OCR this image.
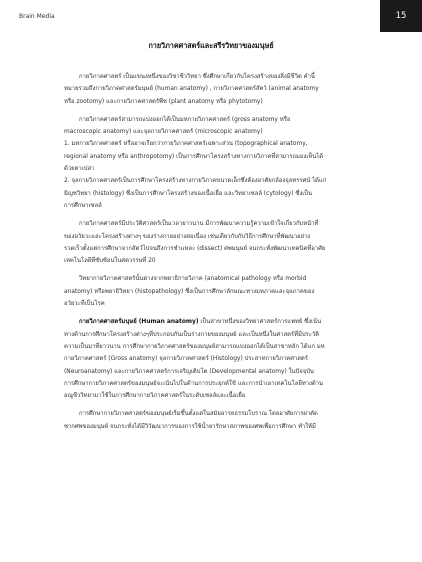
Brain Media	15
กายวิภาคศาสตร์และสรีรวิทยาของมนุษย์

กายวิภาคศาสตร์ เป็นแขนงหนึ่งของวิชาชีววิทยา ซึ่งศึกษาเกี่ยวกับโครงสร้างของสิ่งมีชีวิต คำนี้
หมายรวมถึงกายวิภาคศาสตร์มนุษย์ (human anatomy) , กายวิภาคศาสตร์สัตว์ (animal anatomy
หรือ zootomy) และกายวิภาคศาสตร์พืช (plant anatomy หรือ phytotomy)

กายวิภาคศาสตร์สามารถแบ่งออกได้เป็นมหกายวิภาคศาสตร์ (gross anatomy หรือ
macroscopic anatomy) และจุลกายวิภาคศาสตร์ (microscopic anatomy)
1. มหกายวิภาคศาสตร์ หรืออาจเรียกว่ากายวิภาคศาสตร์เฉพาะส่วน (topographical anatomy,
regional anatomy หรือ anthropotomy) เป็นการศึกษาโครงสร้างทางกายวิภาคที่สามารถมองเห็นได้
ด้วยตาเปล่า
2. จุลกายวิภาคศาสตร์เป็นการศึกษาโครงสร้างทางกายวิภาคขนาดเล็กซึ่งต้องอาศัยกล้องจุลทรรศน์ ได้แก่
มิญชวิทยา (histology) ซึ่งเป็นการศึกษาโครงสร้างของเนื้อเยื่อ และวิทยาเซลล์ (cytology) ซึ่งเป็น
การศึกษาเซลล์

กายวิภาคศาสตร์มีประวัติศาสตร์เป็นเวลายาวนาน มีการพัฒนาความรู้ความเข้าใจเกี่ยวกับหน้าที่
ของอวัยวะและโครงสร้างต่างๆ ของร่างกายอย่างต่อเนื่อง เช่นเดียวกับกับวิธีการศึกษาที่พัฒนาอย่าง
รวดเร็วตั้งแต่การศึกษาจากสัตว์ไปจนถึงการชำแหละ (dissect) ศพมนุษย์ จนกระทั่งพัฒนาเทคนิคที่อาศัย
เทคโนโลยีที่ซับซ้อนในศตวรรษที่ 20

วิทยากายวิภาคศาสตร์นั้นต่างจากพยาธิกายวิภาค (anatomical pathology หรือ morbid
anatomy) หรือพยาธิวิทยา (histopathology) ซึ่งเป็นการศึกษาลักษณะทางมหภาคและจุลภาคของ
อวัยวะที่เป็นโรค

กายวิภาคศาสตร์มนุษย์ (Human anatomy) เป็นสาขาหนึ่งของวิทยาศาสตร์การแพทย์ ซึ่งเน้น
ทางด้านการศึกษาโครงสร้างต่างๆที่ประกอบกันเป็นร่างกายของมนุษย์ และเป็นหนึ่งในศาสตร์ที่มีประวัติ
ความเป็นมาที่ยาวนาน การศึกษากายวิภาคศาสตร์ของมนุษย์สามารถแบ่งออกได้เป็นสาขาหลัก ได้แก่ มห
กายวิภาคศาสตร์ (Gross anatomy) จุลกายวิภาคศาสตร์ (Histology) ประสาทกายวิภาคศาสตร์
(Neuroanatomy) และกายวิภาคศาสตร์การเจริญเติบโต (Developmental anatomy) ในปัจจุบัน
การศึกษากายวิภาคศาสตร์ของมนุษย์จะเน้นไปในด้านการประยุกต์ใช้ และการนำเอาเทคโนโลยีทางด้าน
อณูชีววิทยามาใช้ในการศึกษากายวิภาคศาสตร์ในระดับเซลล์และเนื้อเยื่อ

การศึกษากายวิภาคศาสตร์ของมนุษย์เริ่มขึ้นตั้งแต่ในสมัยอารยธรรมโบราณ โดยอาศัยการผ่าตัด
ซากศพของมนุษย์ จนกระทั่งได้มีวิวัฒนาการของการใช้น้ำยารักษาสภาพของศพเพื่อการศึกษา ทำให้มี
